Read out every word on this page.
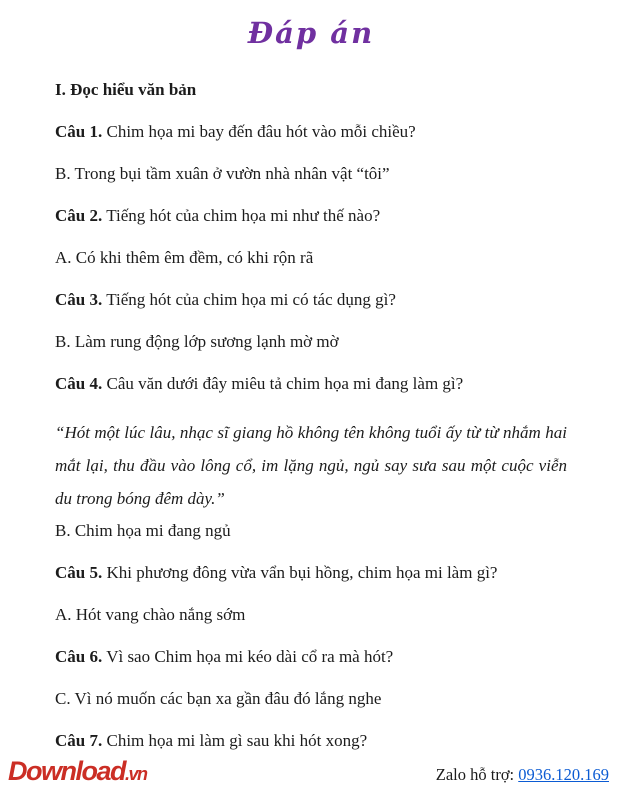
Đáp án
I. Đọc hiểu văn bản

Câu 1. Chim họa mi bay đến đâu hót vào mỗi chiều?

B. Trong bụi tầm xuân ở vườn nhà nhân vật “tôi”

Câu 2. Tiếng hót của chim họa mi như thế nào?

A. Có khi thêm êm đềm, có khi rộn rã

Câu 3. Tiếng hót của chim họa mi có tác dụng gì?

B. Làm rung động lớp sương lạnh mờ mờ

Câu 4. Câu văn dưới đây miêu tả chim họa mi đang làm gì?

“Hót một lúc lâu, nhạc sĩ giang hồ không tên không tuổi ấy từ từ nhắm hai mắt lại, thu đầu vào lông cổ, im lặng ngủ, ngủ say sưa sau một cuộc viễn du trong bóng đêm dày.”

B. Chim họa mi đang ngủ

Câu 5. Khi phương đông vừa vẩn bụi hồng, chim họa mi làm gì?

A. Hót vang chào nắng sớm

Câu 6. Vì sao Chim họa mi kéo dài cổ ra mà hót?

C. Vì nó muốn các bạn xa gần đâu đó lắng nghe

Câu 7. Chim họa mi làm gì sau khi hót xong?

Download.vn	Zalo hỗ trợ: 0936.120.169
